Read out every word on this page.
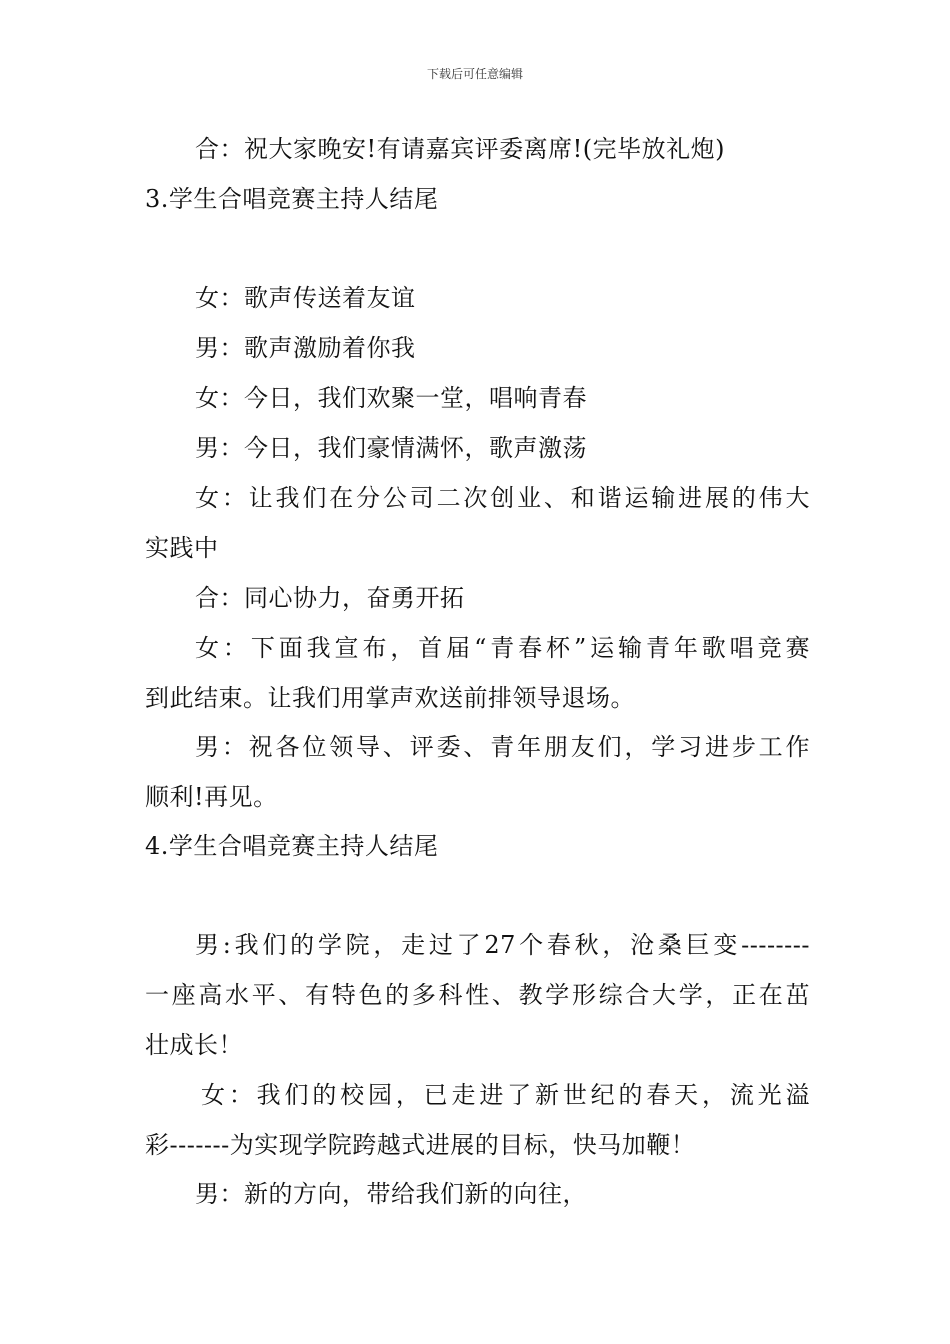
下载后可任意编辑
合：祝大家晚安!有请嘉宾评委离席!(完毕放礼炮)
3.学生合唱竞赛主持人结尾
女：歌声传送着友谊
男：歌声激励着你我
女：今日，我们欢聚一堂，唱响青春
男：今日，我们豪情满怀，歌声激荡
女：让我们在分公司二次创业、和谐运输进展的伟大
实践中
合：同心协力，奋勇开拓
女：下面我宣布，首届“青春杯”运输青年歌唱竞赛
到此结束。让我们用掌声欢送前排领导退场。
男：祝各位领导、评委、青年朋友们，学习进步工作
顺利!再见。
4.学生合唱竞赛主持人结尾
男:我们的学院，走过了27个春秋，沧桑巨变--------
一座高水平、有特色的多科性、教学形综合大学，正在茁
壮成长！
女：我们的校园，已走进了新世纪的春天，流光溢
彩-------为实现学院跨越式进展的目标，快马加鞭！
男：新的方向，带给我们新的向往，
